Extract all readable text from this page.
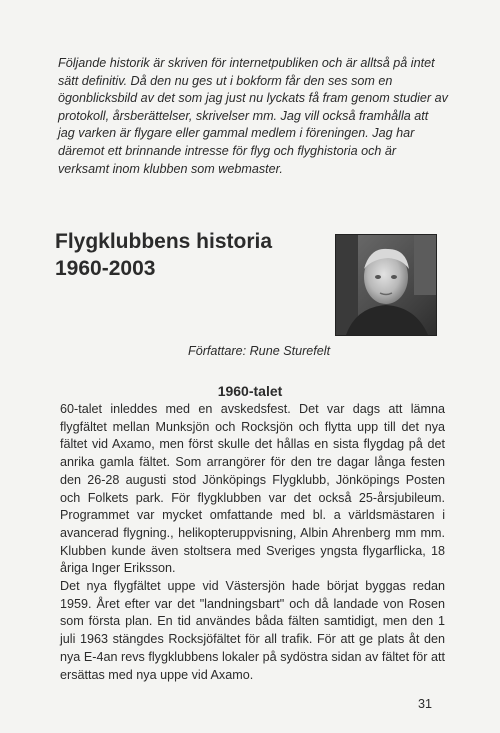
Följande historik är skriven för internetpubliken och är alltså på intet sätt definitiv. Då den nu ges ut i bokform får den ses som en ögonblicksbild av det som jag just nu lyckats få fram genom studier av protokoll, årsberättelser, skrivelser mm. Jag vill också framhålla att jag varken är flygare eller gammal medlem i föreningen. Jag har däremot ett brinnande intresse för flyg och flyghistoria och är verksamt inom klubben som webmaster.

Flygklubbens historia
1960-2003

Författare: Rune Sturefelt

1960-talet
60-talet inleddes med en avskedsfest. Det var dags att lämna flygfältet mellan Munksjön och Rocksjön och flytta upp till det nya fältet vid Axamo, men först skulle det hållas en sista flygdag på det anrika gamla fältet. Som arrangörer för den tre dagar långa festen den 26-28 augusti stod Jönköpings Flygklubb, Jönköpings Posten och Folkets park. För flygklubben var det också 25-årsjubileum. Programmet var mycket omfattande med bl. a världsmästaren i avancerad flygning., helikopteruppvisning, Albin Ahrenberg mm mm. Klubben kunde även stoltsera med Sveriges yngsta flygarflicka, 18 åriga Inger Eriksson.
Det nya flygfältet uppe vid Västersjön hade börjat byggas redan 1959. Året efter var det "landningsbart" och då landade von Rosen som första plan. En tid användes båda fälten samtidigt, men den 1 juli 1963 stängdes Rocksjöfältet för all trafik. För att ge plats åt den nya E-4an revs flygklubbens lokaler på sydöstra sidan av fältet för att ersättas med nya uppe vid Axamo.

31
